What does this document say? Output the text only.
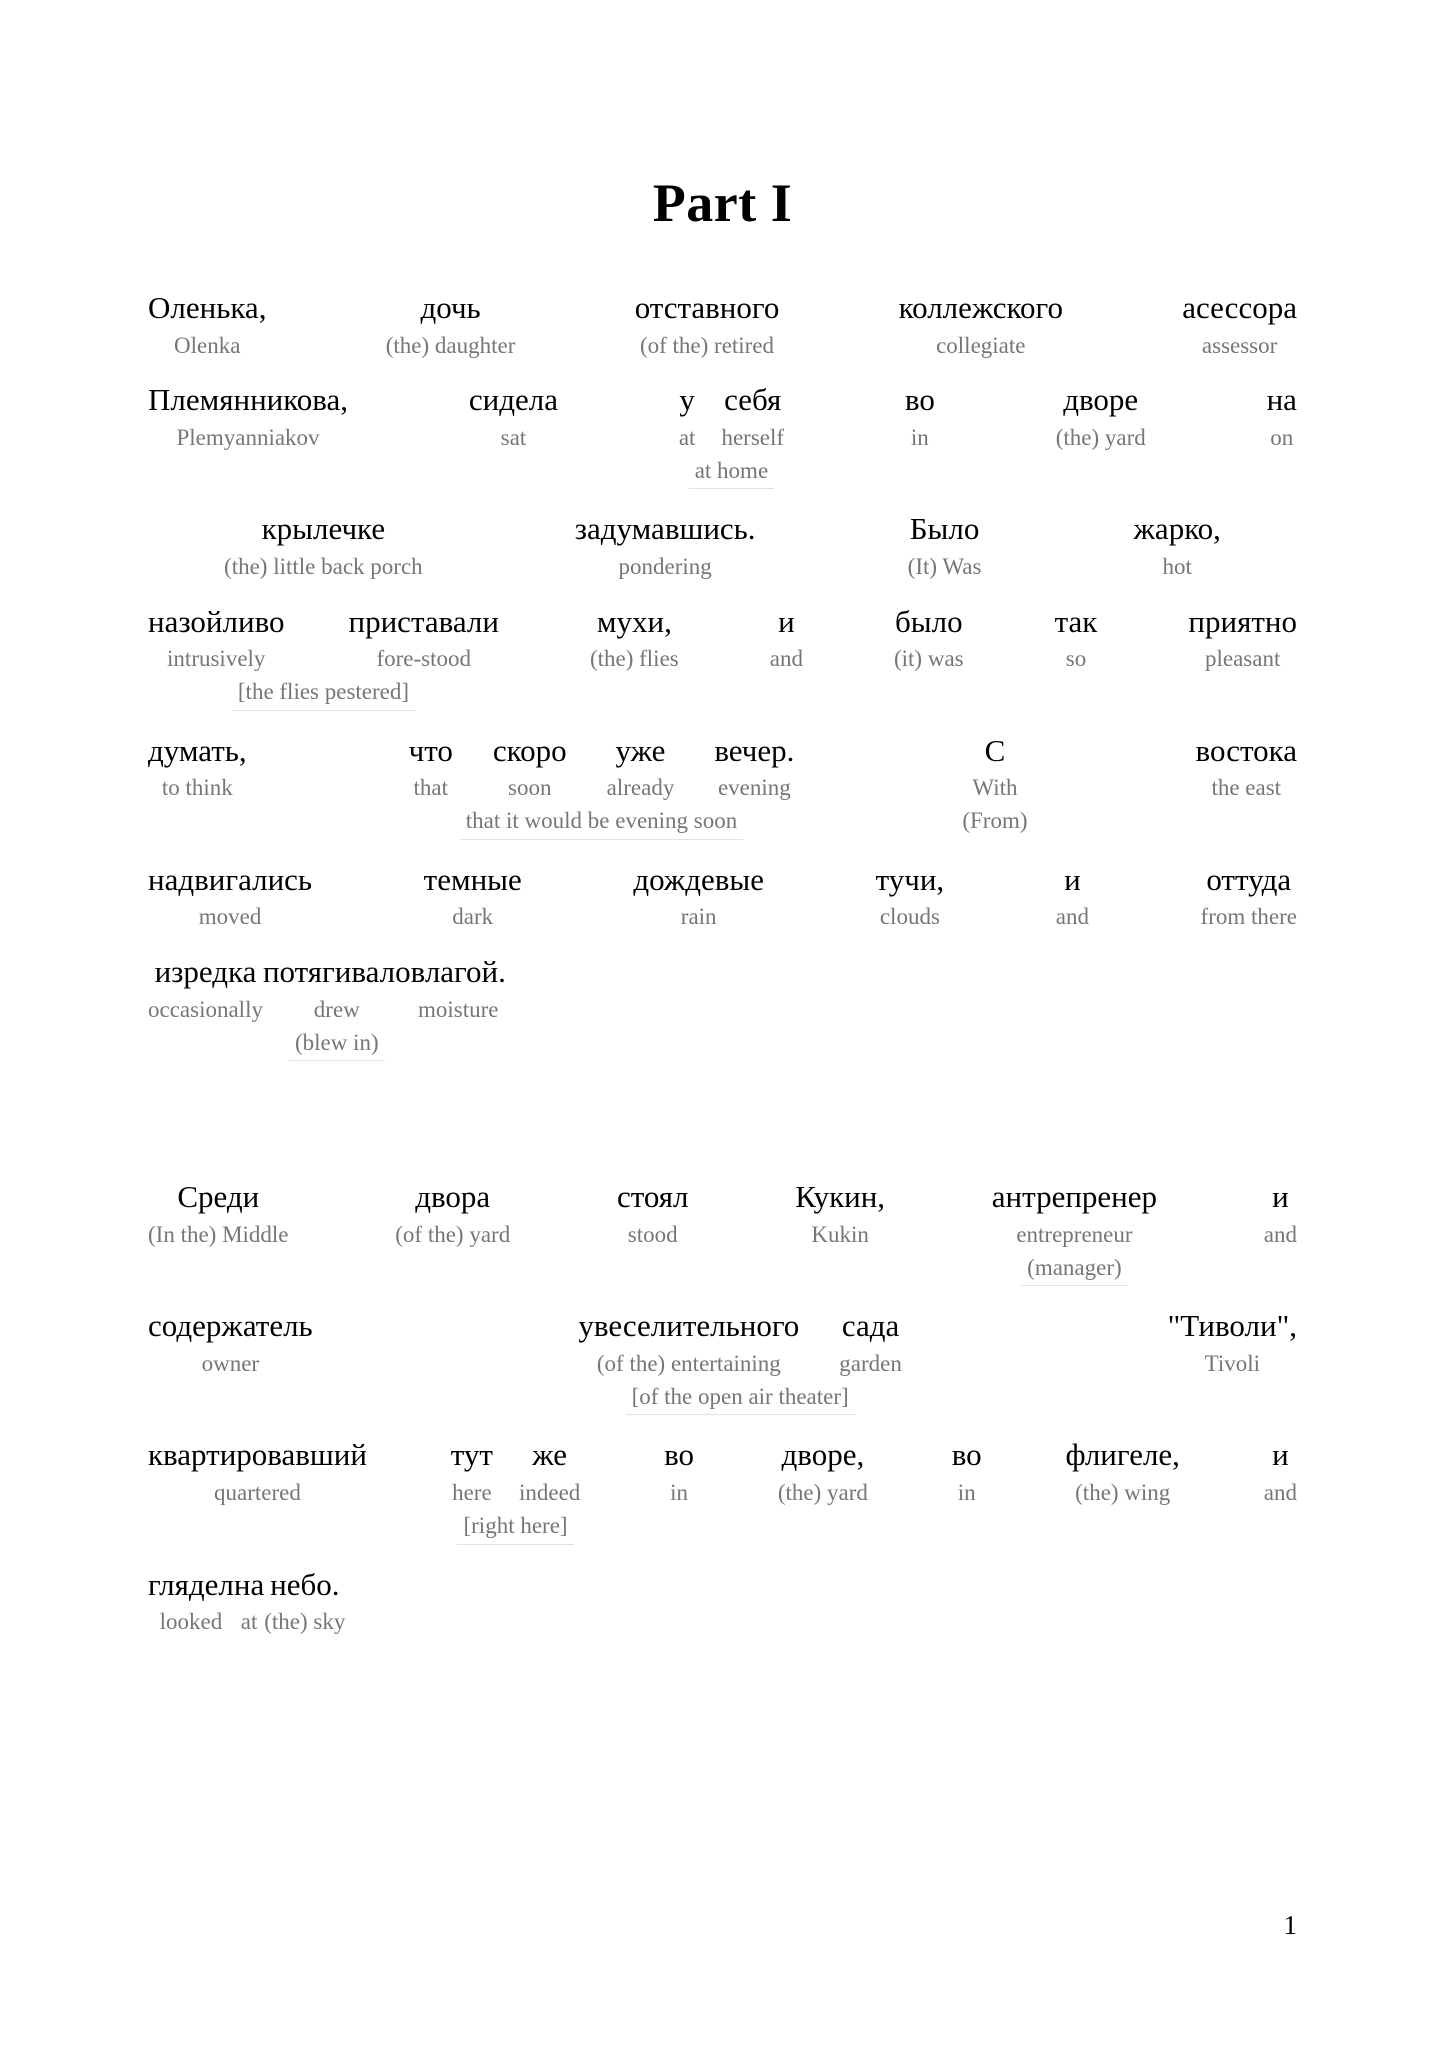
Part I
Оленька,
Olenka
дочь
(the) daughter
отставного
(of the) retired
коллежского
collegiate
асессора
assessor
Племянникова,
Plemyanniakov
сидела
sat
у
at
себя
herself
at home
во
in
дворе
(the) yard
на
on
крылечке
(the) little back porch
задумавшись.
pondering
Было
(It) Was
жарко,
hot
назойливо
intrusively
приставали
fore-stood
[the flies pestered]
мухи,
(the) flies
и
and
было
(it) was
так
so
приятно
pleasant
думать,
to think
что
that
скоро
soon
уже
already
вечер.
evening
that it would be evening soon
С
With
(From)
востока
the east
надвигались
moved
темные
dark
дождевые
rain
тучи,
clouds
и
and
оттуда
from there
изредка
occasionally
потягивало
drew
(blew in)
влагой.
moisture
Среди
(In the) Middle
двора
(of the) yard
стоял
stood
Кукин,
Kukin
антрепренер
entrepreneur
(manager)
и
and
содержатель
owner
увеселительного
(of the) entertaining
сада
garden
[of the open air theater]
"Тиволи",
Tivoli
квартировавший
quartered
тут
here
же
indeed
[right here]
во
in
дворе,
(the) yard
во
in
флигеле,
(the) wing
и
and
глядел
looked
на
at
небо.
(the) sky
1
